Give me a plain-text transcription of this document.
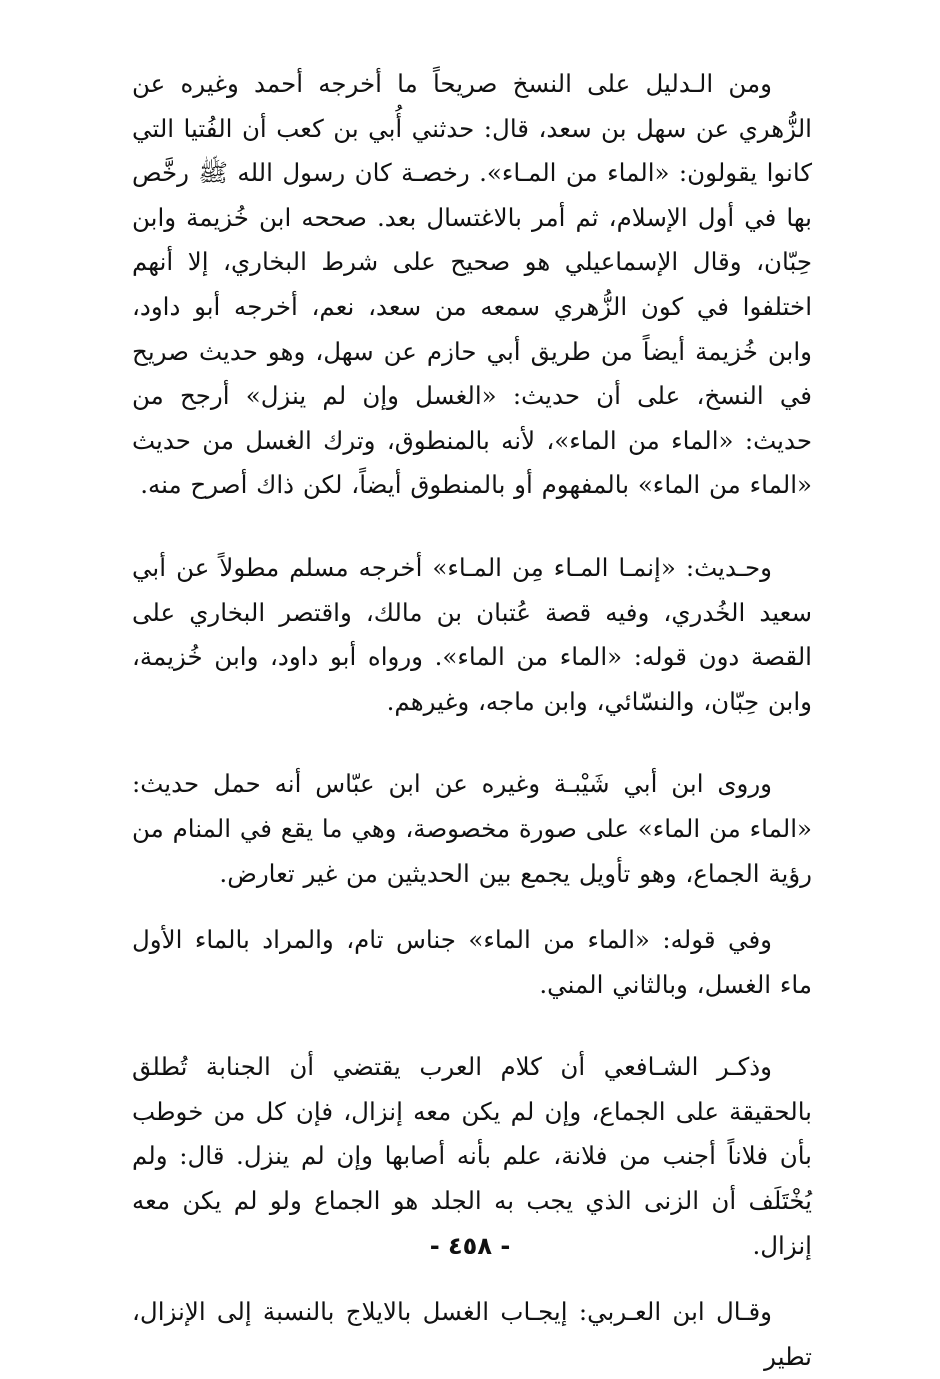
ومن الـدليل على النسخ صريحاً ما أخرجه أحمد وغيره عن الزُّهري عن سهل بن سعد، قال: حدثني أُبي بن كعب أن الفُتيا التي كانوا يقولون: «الماء من المـاء». رخصـة كان رسول الله ﷺ رخَّص بها في أول الإسلام، ثم أمر بالاغتسال بعد. صححه ابن خُزيمة وابن حِبّان، وقال الإسماعيلي هو صحيح على شرط البخاري، إلا أنهم اختلفوا في كون الزُّهري سمعه من سعد، نعم، أخرجه أبو داود، وابن خُزيمة أيضاً من طريق أبي حازم عن سهل، وهو حديث صريح في النسخ، على أن حديث: «الغسل وإن لم ينزل» أرجح من حديث: «الماء من الماء»، لأنه بالمنطوق، وترك الغسل من حديث «الماء من الماء» بالمفهوم أو بالمنطوق أيضاً، لكن ذاك أصرح منه.

وحـديث: «إنمـا المـاء مِن المـاء» أخرجه مسلم مطولاً عن أبي سعيد الخُدري، وفيه قصة عُتبان بن مالك، واقتصر البخاري على القصة دون قوله: «الماء من الماء». ورواه أبو داود، وابن خُزيمة، وابن حِبّان، والنسّائي، وابن ماجه، وغيرهم.

وروى ابن أبي شَيْبـة وغيره عن ابن عبّاس أنه حمل حديث: «الماء من الماء» على صورة مخصوصة، وهي ما يقع في المنام من رؤية الجماع، وهو تأويل يجمع بين الحديثين من غير تعارض.

وفي قوله: «الماء من الماء» جناس تام، والمراد بالماء الأول ماء الغسل، وبالثاني المني.

وذكـر الشـافعي أن كلام العرب يقتضي أن الجنابة تُطلق بالحقيقة على الجماع، وإن لم يكن معه إنزال، فإن كل من خوطب بأن فلاناً أجنب من فلانة، علم بأنه أصابها وإن لم ينزل. قال: ولم يُخْتَلَف أن الزنى الذي يجب به الجلد هو الجماع ولو لم يكن معه إنزال.

وقـال ابن العـربي: إيجـاب الغسل بالايلاج بالنسبة إلى الإنزال، تطير

- ٤٥٨ -
